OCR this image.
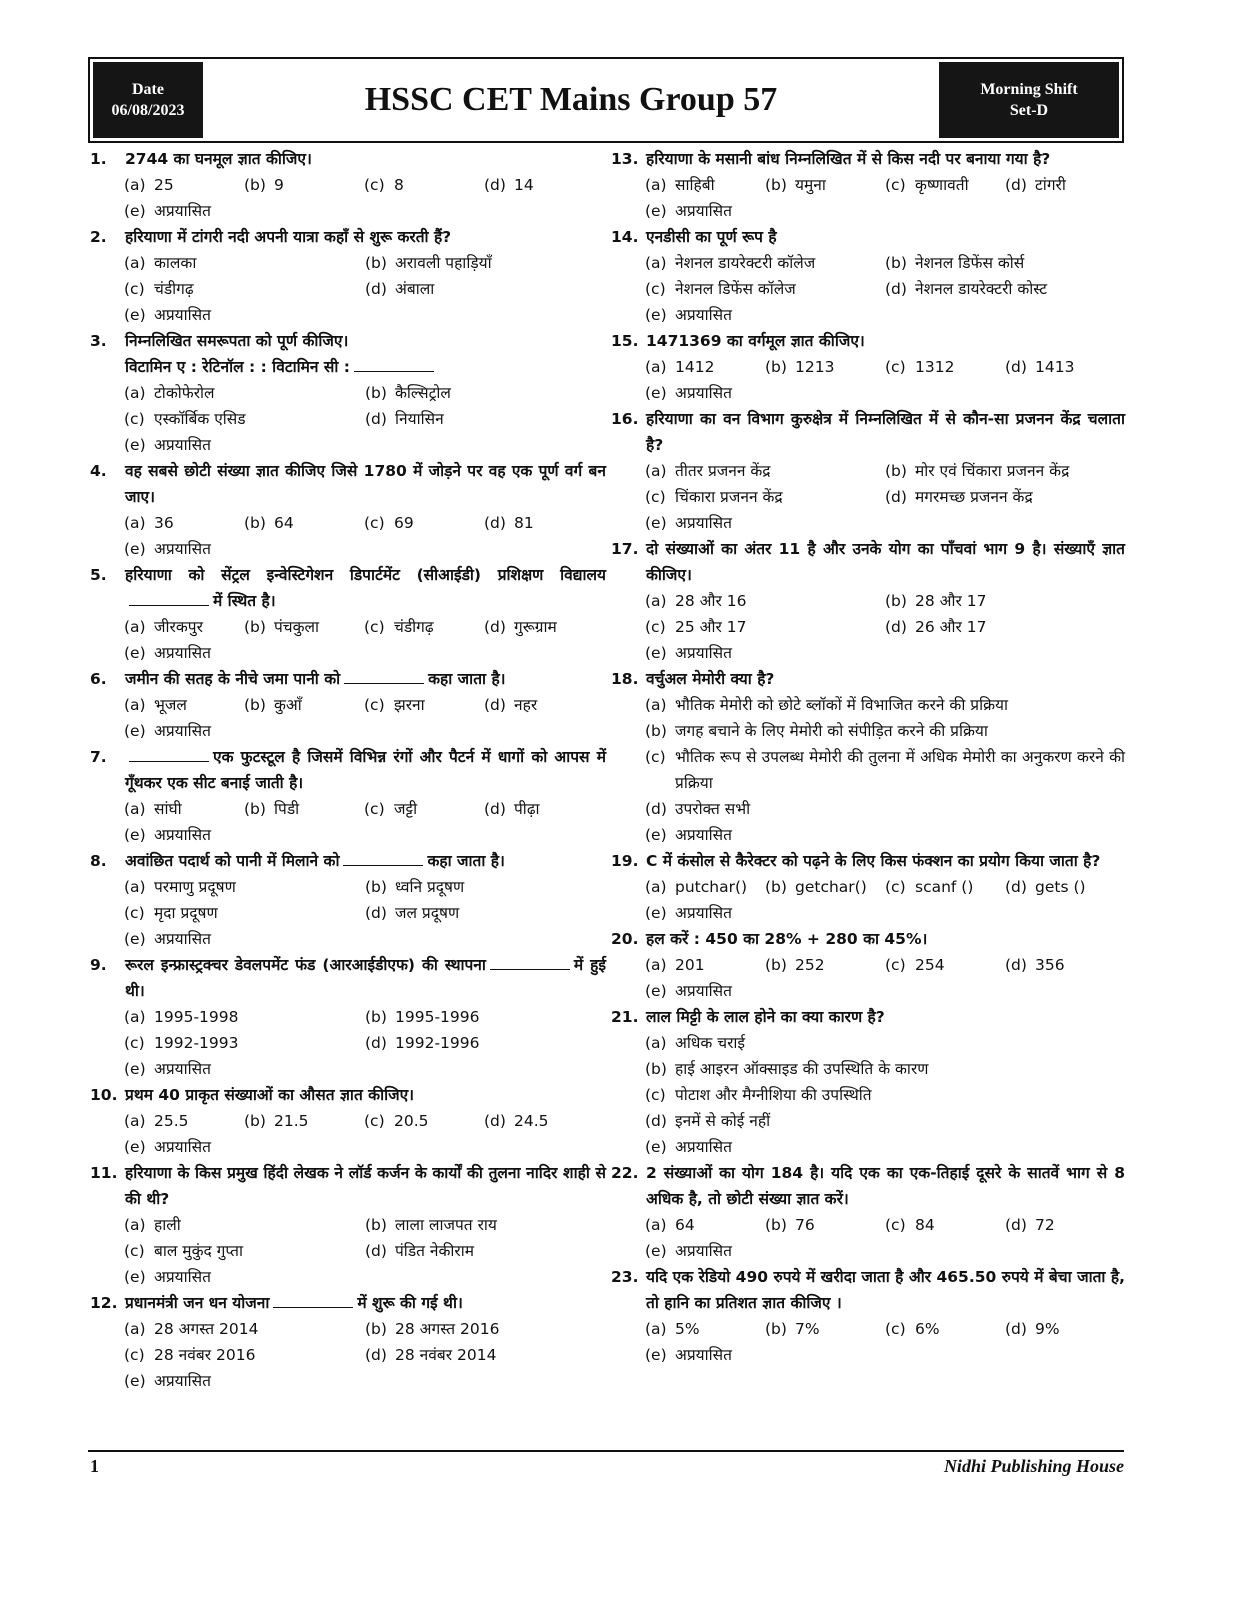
Date
06/08/2023	HSSC CET Mains Group 57	Morning Shift
Set-D
1. 2744 का घनमूल ज्ञात कीजिए।
(a) 25	(b) 9	(c) 8	(d) 14
(e) अप्रयासित
2. हरियाणा में टांगरी नदी अपनी यात्रा कहाँ से शुरू करती हैं?
(a) कालका	(b) अरावली पहाड़ियाँ
(c) चंडीगढ़	(d) अंबाला
(e) अप्रयासित
3. निम्नलिखित समरूपता को पूर्ण कीजिए।
विटामिन ए : रेटिनॉल : : विटामिन सी :
(a) टोकोफेरोल	(b) कैल्सिट्रोल
(c) एस्कॉर्बिक एसिड	(d) नियासिन
(e) अप्रयासित
4. वह सबसे छोटी संख्या ज्ञात कीजिए जिसे 1780 में जोड़ने पर वह एक पूर्ण वर्ग बन जाए।
(a) 36	(b) 64	(c) 69	(d) 81
(e) अप्रयासित
5. हरियाणा को सेंट्रल इन्वेस्टिगेशन डिपार्टमेंट (सीआईडी) प्रशिक्षण विद्यालयमें स्थित है।
(a) जीरकपुर	(b) पंचकुला	(c) चंडीगढ़	(d) गुरूग्राम
(e) अप्रयासित
6. जमीन की सतह के नीचे जमा पानी को	कहा जाता है।
(a) भूजल	(b) कुआँ	(c) झरना	(d) नहर
(e) अप्रयासित
7.	एक फुटस्टूल है जिसमें विभिन्न रंगों और पैटर्न में धागों को आपस में गूँथकर एक सीट बनाई जाती है।
(a) सांघी	(b) पिडी	(c) जट्टी	(d) पीढ़ा
(e) अप्रयासित
8. अवांछित पदार्थ को पानी में मिलाने को	कहा जाता है।
(a) परमाणु प्रदूषण	(b) ध्वनि प्रदूषण
(c) मृदा प्रदूषण	(d) जल प्रदूषण
(e) अप्रयासित
9. रूरल इन्फ्रास्ट्रक्चर डेवलपमेंट फंड (आरआईडीएफ) की स्थापना	में हुई थी।
(a) 1995-1998	(b) 1995-1996
(c) 1992-1993	(d) 1992-1996
(e) अप्रयासित
10. प्रथम 40 प्राकृत संख्याओं का औसत ज्ञात कीजिए।
(a) 25.5	(b) 21.5	(c) 20.5	(d) 24.5
(e) अप्रयासित
11. हरियाणा के किस प्रमुख हिंदी लेखक ने लॉर्ड कर्जन के कार्यों की तुलना नादिर शाही से की थी?
(a) हाली	(b) लाला लाजपत राय
(c) बाल मुकुंद गुप्ता	(d) पंडित नेकीराम
(e) अप्रयासित
12. प्रधानमंत्री जन धन योजना	में शुरू की गई थी।
(a) 28 अगस्त 2014	(b) 28 अगस्त 2016
(c) 28 नवंबर 2016	(d) 28 नवंबर 2014
(e) अप्रयासित
13. हरियाणा के मसानी बांध निम्नलिखित में से किस नदी पर बनाया गया है?
(a) साहिबी	(b) यमुना	(c) कृष्णावती (d) टांगरी
(e) अप्रयासित
14. एनडीसी का पूर्ण रूप है
(a) नेशनल डायरेक्टरी कॉलेज	(b) नेशनल डिफेंस कोर्स
(c) नेशनल डिफेंस कॉलेज	(d) नेशनल डायरेक्टरी कोस्ट
(e) अप्रयासित
15. 1471369 का वर्गमूल ज्ञात कीजिए।
(a) 1412	(b) 1213	(c) 1312	(d) 1413
(e) अप्रयासित
16. हरियाणा का वन विभाग कुरुक्षेत्र में निम्नलिखित में से कौन-सा प्रजनन केंद्र चलाता है?
(a) तीतर प्रजनन केंद्र	(b) मोर एवं चिंकारा प्रजनन केंद्र
(c) चिंकारा प्रजनन केंद्र	(d) मगरमच्छ प्रजनन केंद्र
(e) अप्रयासित
17. दो संख्याओं का अंतर 11 है और उनके योग का पाँचवां भाग 9 है। संख्याएँ ज्ञात कीजिए।
(a) 28 और 16	(b) 28 और 17
(c) 25 और 17	(d) 26 और 17
(e) अप्रयासित
18. वर्चुअल मेमोरी क्या है?
(a) भौतिक मेमोरी को छोटे ब्लॉकों में विभाजित करने की प्रक्रिया
(b) जगह बचाने के लिए मेमोरी को संपीड़ित करने की प्रक्रिया
(c) भौतिक रूप से उपलब्ध मेमोरी की तुलना में अधिक मेमोरी का अनुकरण करने की प्रक्रिया
(d) उपरोक्त सभी
(e) अप्रयासित
19. C में कंसोल से कैरेक्टर को पढ़ने के लिए किस फंक्शन का प्रयोग किया जाता है?
(a) putchar() (b) getchar() (c) scanf () (d) gets ()
(e) अप्रयासित
20. हल करें : 450 का 28% + 280 का 45%।
(a) 201	(b) 252	(c) 254	(d) 356
(e) अप्रयासित
21. लाल मिट्टी के लाल होने का क्या कारण है?
(a) अधिक चराई
(b) हाई आइरन ऑक्साइड की उपस्थिति के कारण
(c) पोटाश और मैग्नीशिया की उपस्थिति
(d) इनमें से कोई नहीं
(e) अप्रयासित
22. 2 संख्याओं का योग 184 है। यदि एक का एक-तिहाई दूसरे के सातवें भाग से 8 अधिक है, तो छोटी संख्या ज्ञात करें।
(a) 64	(b) 76	(c) 84	(d) 72
(e) अप्रयासित
23. यदि एक रेडियो 490 रुपये में खरीदा जाता है और 465.50 रुपये में बेचा जाता है, तो हानि का प्रतिशत ज्ञात कीजिए ।
(a) 5%	(b) 7%	(c) 6%	(d) 9%
(e) अप्रयासित
1	Nidhi Publishing House
